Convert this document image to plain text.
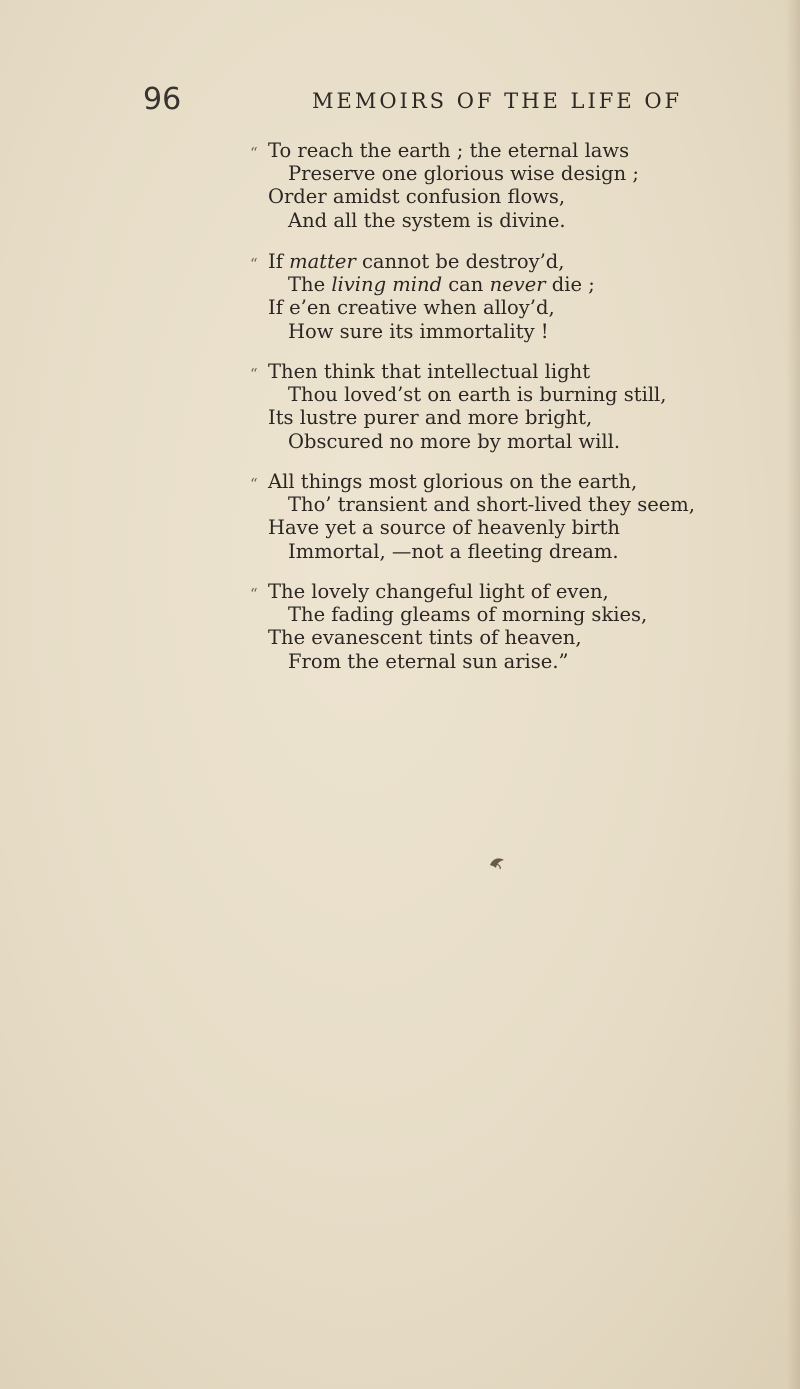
96	MEMOIRS OF THE LIFE OF

“ To reach the earth ; the eternal laws
Preserve one glorious wise design ;
Order amidst confusion flows,
And all the system is divine.
“ If matter cannot be destroy’d,
The living mind can never die ;
If e’en creative when alloy’d,
How sure its immortality !
“ Then think that intellectual light
Thou loved’st on earth is burning still,
Its lustre purer and more bright,
Obscured no more by mortal will.
“ All things most glorious on the earth,
Tho’ transient and short-lived they seem,
Have yet a source of heavenly birth
Immortal, —not a fleeting dream.
“ The lovely changeful light of even,
The fading gleams of morning skies,
The evanescent tints of heaven,
From the eternal sun arise.”
